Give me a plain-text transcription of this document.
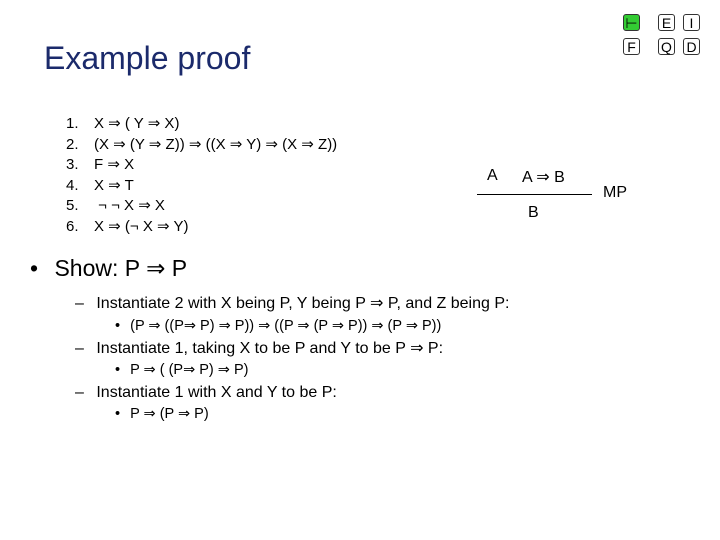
Example proof
⊢
F
E	I
Q D
1. X ⇒ ( Y ⇒ X)
2. (X ⇒ (Y ⇒ Z)) ⇒ ((X ⇒ Y) ⇒ (X ⇒ Z))
3. F ⇒ X
4. X ⇒ T
5. ¬ ¬ X ⇒ X
6. X ⇒ (¬ X ⇒ Y)
A A ⇒ B
MP
B
• Show: P ⇒ P
– Instantiate 2 with X being P, Y being P ⇒ P, and Z being P:
• (P ⇒ ((P⇒ P) ⇒ P)) ⇒ ((P ⇒ (P ⇒ P)) ⇒ (P ⇒ P))
– Instantiate 1, taking X to be P and Y to be P ⇒ P:
• P ⇒ ( (P⇒ P) ⇒ P)
– Instantiate 1 with X and Y to be P:
• P ⇒ (P ⇒ P)
